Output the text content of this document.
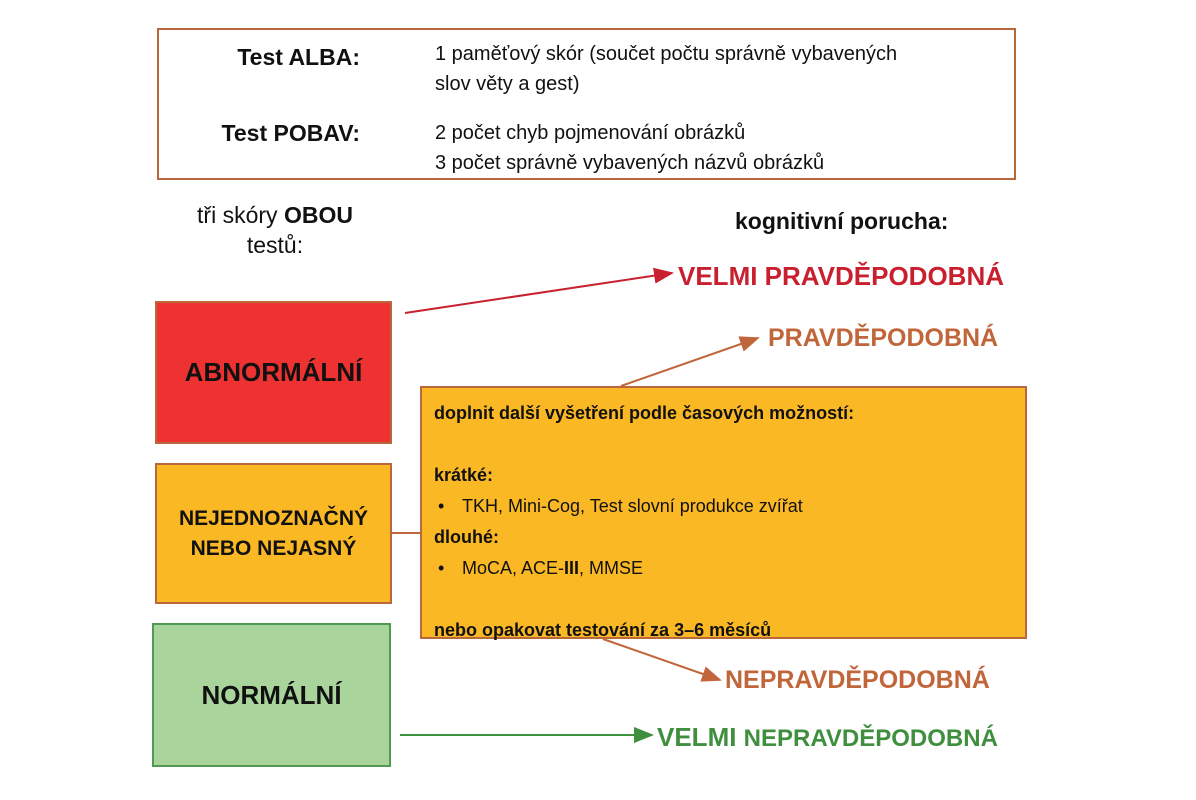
Test ALBA:	1 paměťový skór (součet počtu správně vybavených
slov věty a gest)
Test POBAV:	2 počet chyb pojmenování obrázků
3 počet správně vybavených názvů obrázků
tři skóry OBOU
testů:
kognitivní porucha:
ABNORMÁLNÍ
NEJEDNOZNAČNÝ
NEBO NEJASNÝ
NORMÁLNÍ
doplnit další vyšetření podle časových možností:

krátké:
• TKH, Mini-Cog, Test slovní produkce zvířat
dlouhé:
• MoCA, ACE-III, MMSE

nebo opakovat testování za 3–6 měsíců
VELMI PRAVDĚPODOBNÁ
PRAVDĚPODOBNÁ
NEPRAVDĚPODOBNÁ
VELMI NEPRAVDĚPODOBNÁ
